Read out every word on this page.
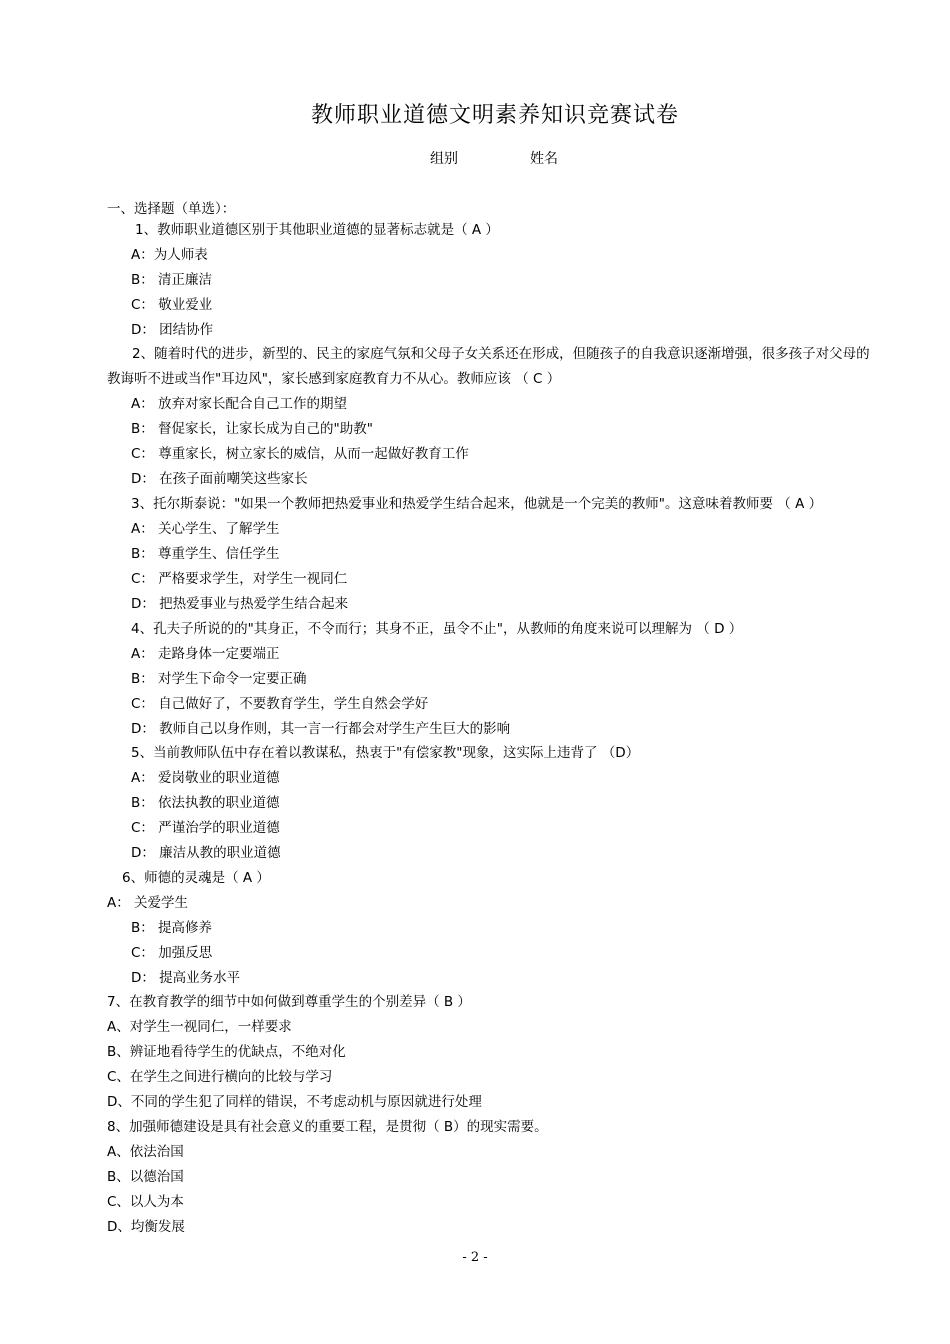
教师职业道德文明素养知识竞赛试卷
组别	姓名
一、选择题（单选）：
1、教师职业道德区别于其他职业道德的显著标志就是（ A ）
A：为人师表
B： 清正廉洁
C： 敬业爱业
D： 团结协作
2、随着时代的进步，新型的、民主的家庭气氛和父母子女关系还在形成，但随孩子的自我意识逐渐增强，很多孩子对父母的教诲听不进或当作"耳边风"，家长感到家庭教育力不从心。教师应该 （ C ）
A： 放弃对家长配合自己工作的期望
B： 督促家长，让家长成为自己的"助教"
C： 尊重家长，树立家长的威信，从而一起做好教育工作
D： 在孩子面前嘲笑这些家长
3、托尔斯泰说："如果一个教师把热爱事业和热爱学生结合起来，他就是一个完美的教师"。这意味着教师要 （ A ）
A： 关心学生、了解学生
B： 尊重学生、信任学生
C： 严格要求学生，对学生一视同仁
D： 把热爱事业与热爱学生结合起来
4、孔夫子所说的的"其身正，不令而行；其身不正，虽令不止"，从教师的角度来说可以理解为 （ D ）
A： 走路身体一定要端正
B： 对学生下命令一定要正确
C： 自己做好了，不要教育学生，学生自然会学好
D： 教师自己以身作则，其一言一行都会对学生产生巨大的影响
5、当前教师队伍中存在着以教谋私，热衷于"有偿家教"现象，这实际上违背了 （D）
A： 爱岗敬业的职业道德
B： 依法执教的职业道德
C： 严谨治学的职业道德
D： 廉洁从教的职业道德
6、师德的灵魂是（ A ）
A： 关爱学生
B： 提高修养
C： 加强反思
D： 提高业务水平
7、在教育教学的细节中如何做到尊重学生的个别差异（ B ）
A、对学生一视同仁，一样要求
B、辨证地看待学生的优缺点，不绝对化
C、在学生之间进行横向的比较与学习
D、不同的学生犯了同样的错误，不考虑动机与原因就进行处理
8、加强师德建设是具有社会意义的重要工程，是贯彻（ B）的现实需要。
A、依法治国
B、以德治国
C、以人为本
D、均衡发展
- 2 -
